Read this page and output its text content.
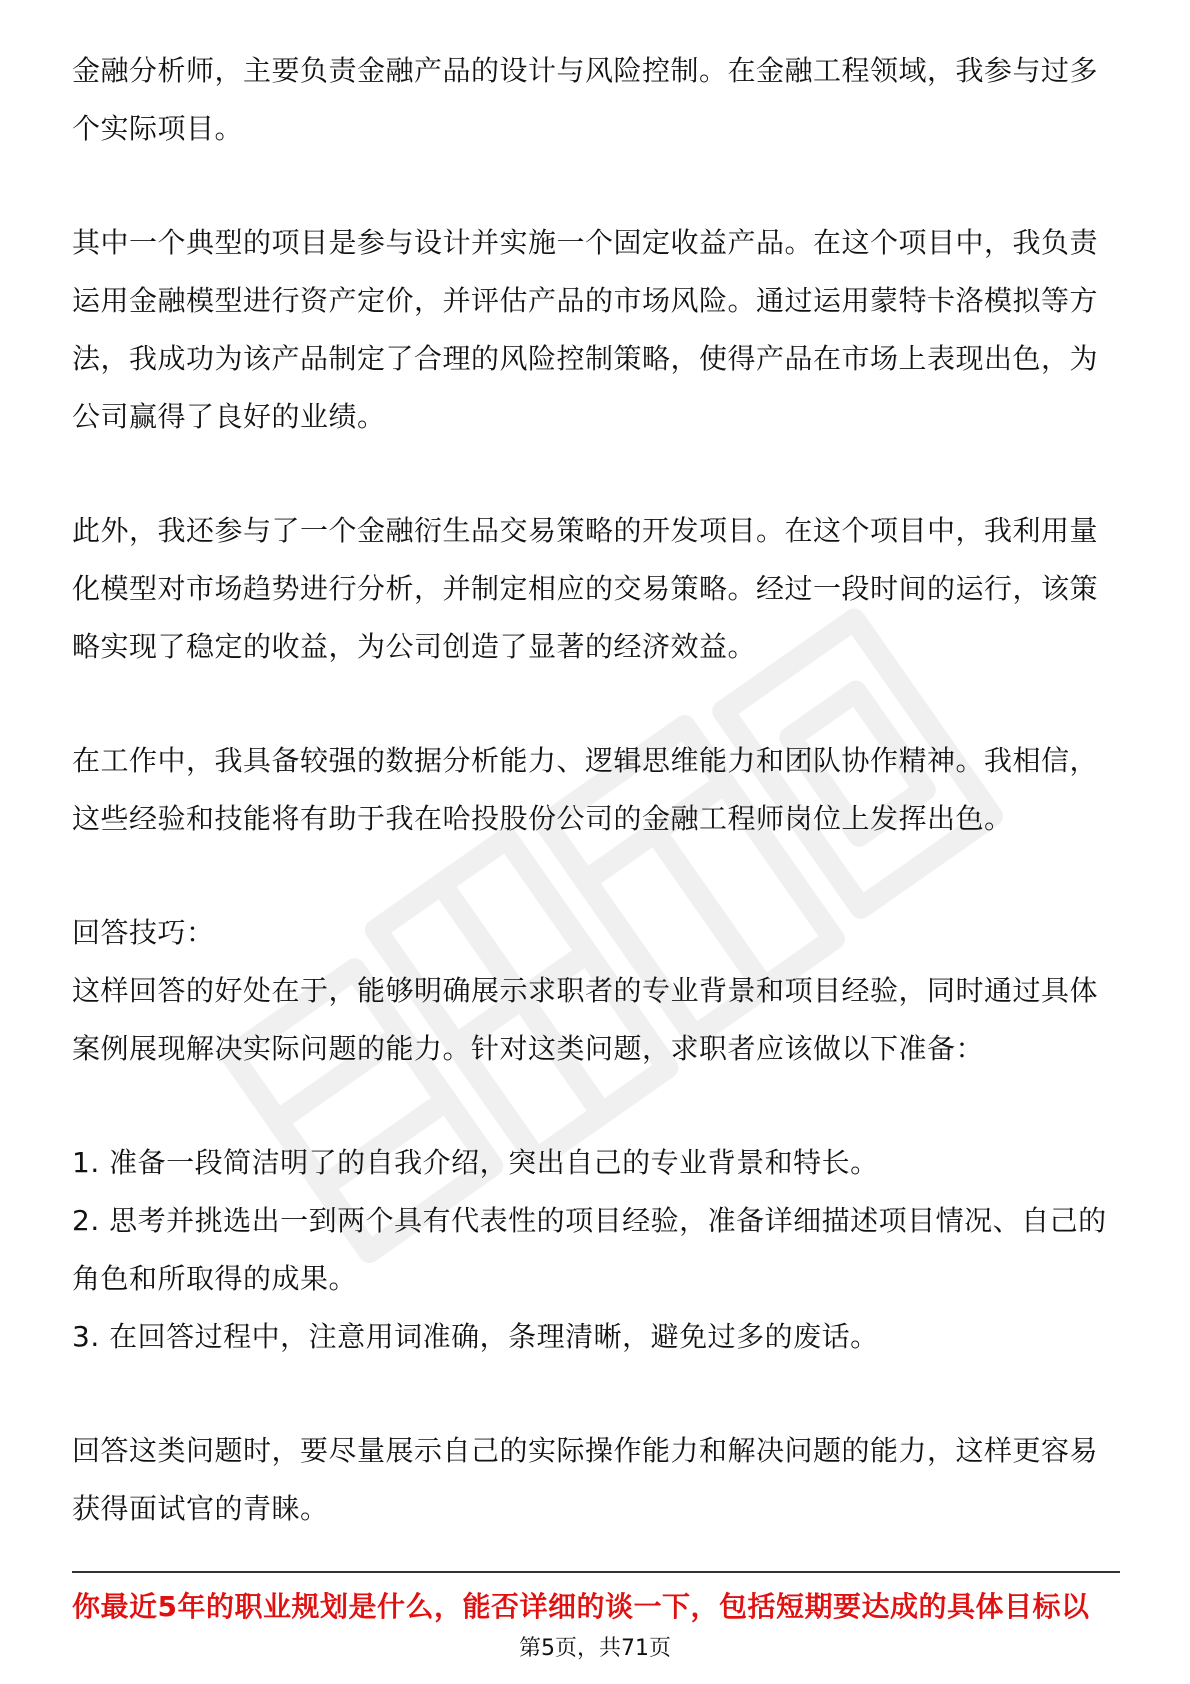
金融分析师，主要负责金融产品的设计与风险控制。在金融工程领域，我参与过多个实际项目。

其中一个典型的项目是参与设计并实施一个固定收益产品。在这个项目中，我负责运用金融模型进行资产定价，并评估产品的市场风险。通过运用蒙特卡洛模拟等方法，我成功为该产品制定了合理的风险控制策略，使得产品在市场上表现出色，为公司赢得了良好的业绩。

此外，我还参与了一个金融衍生品交易策略的开发项目。在这个项目中，我利用量化模型对市场趋势进行分析，并制定相应的交易策略。经过一段时间的运行，该策略实现了稳定的收益，为公司创造了显著的经济效益。

在工作中，我具备较强的数据分析能力、逻辑思维能力和团队协作精神。我相信，这些经验和技能将有助于我在哈投股份公司的金融工程师岗位上发挥出色。

回答技巧：
这样回答的好处在于，能够明确展示求职者的专业背景和项目经验，同时通过具体案例展现解决实际问题的能力。针对这类问题，求职者应该做以下准备：
1. 准备一段简洁明了的自我介绍，突出自己的专业背景和特长。
2. 思考并挑选出一到两个具有代表性的项目经验，准备详细描述项目情况、自己的角色和所取得的成果。
3. 在回答过程中，注意用词准确，条理清晰，避免过多的废话。

回答这类问题时，要尽量展示自己的实际操作能力和解决问题的能力，这样更容易获得面试官的青睐。

你最近5年的职业规划是什么，能否详细的谈一下，包括短期要达成的具体目标以
第5页，共71页
